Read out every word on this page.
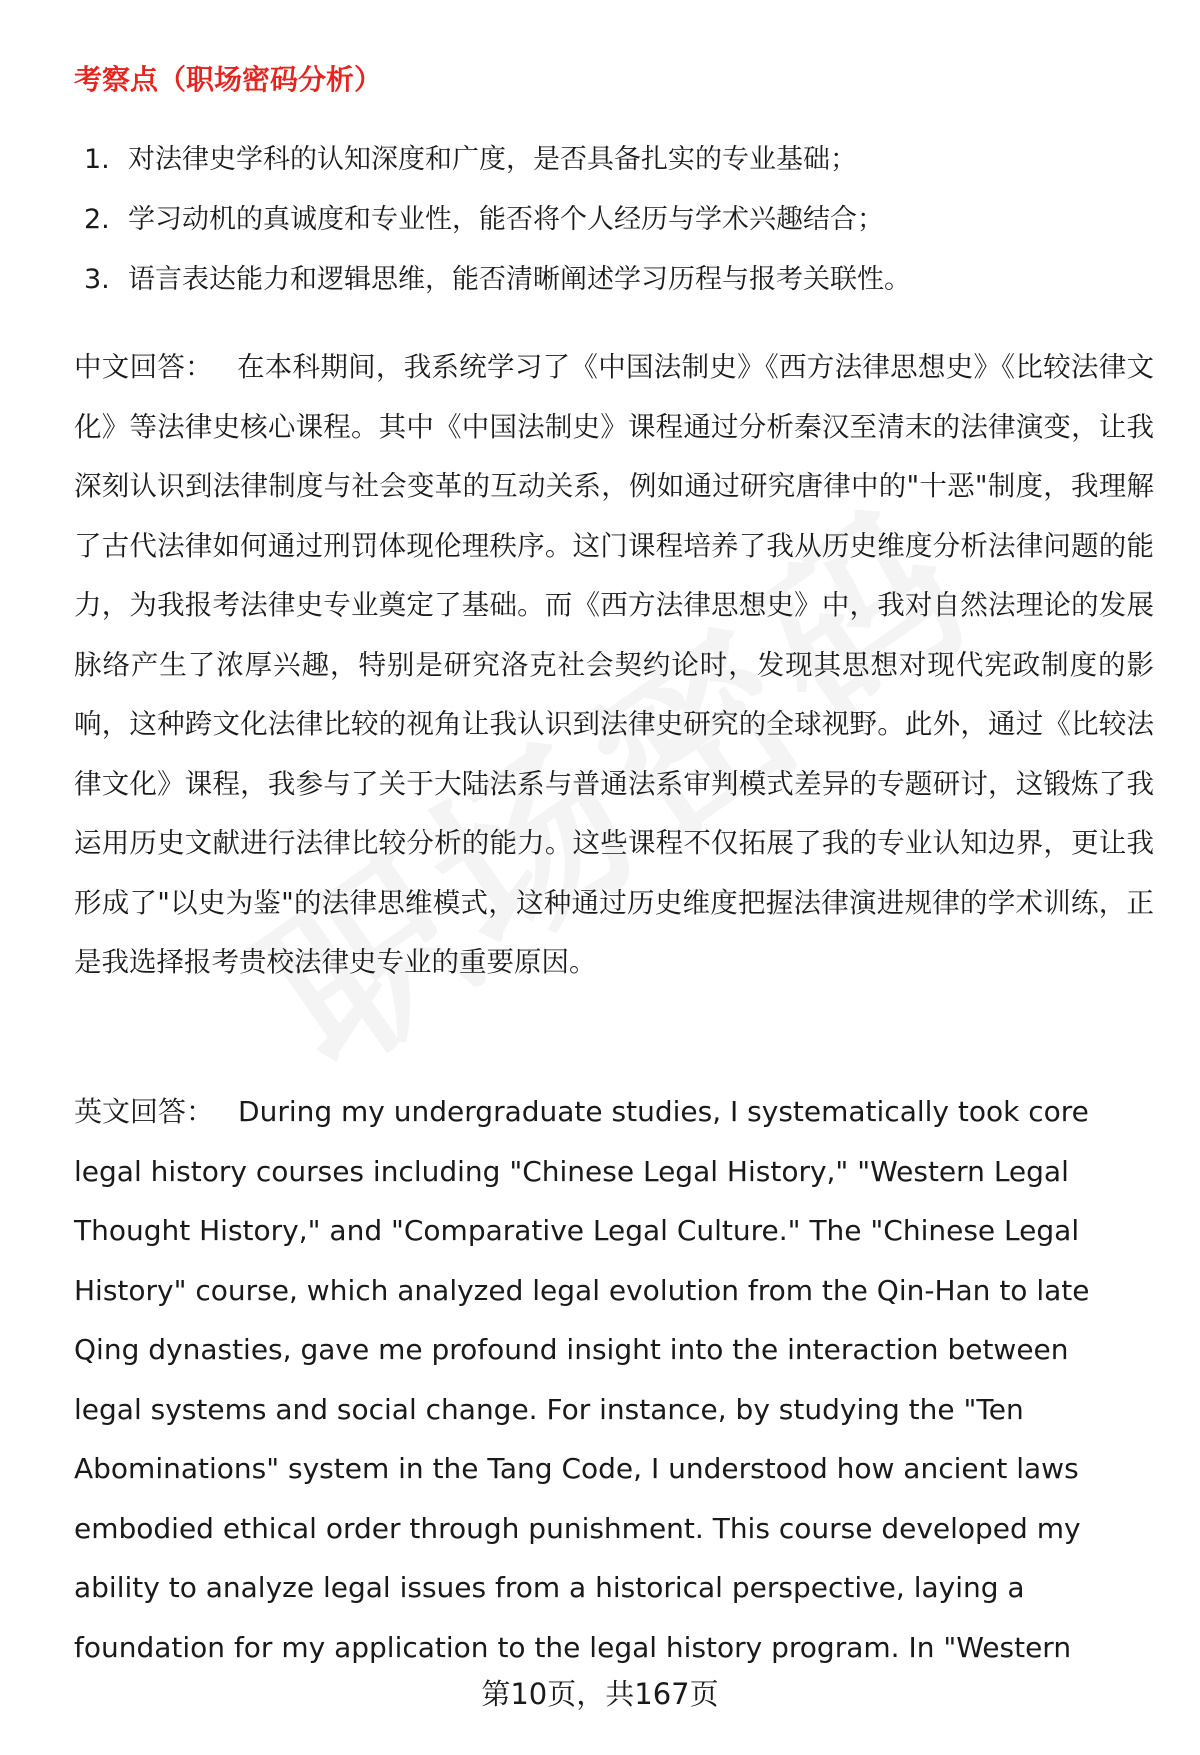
考察点（职场密码分析）
1. 对法律史学科的认知深度和广度，是否具备扎实的专业基础；
2. 学习动机的真诚度和专业性，能否将个人经历与学术兴趣结合；
3. 语言表达能力和逻辑思维，能否清晰阐述学习历程与报考关联性。

中文回答： 在本科期间，我系统学习了《中国法制史》《西方法律思想史》《比较法律文化》等法律史核心课程。其中《中国法制史》课程通过分析秦汉至清末的法律演变，让我深刻认识到法律制度与社会变革的互动关系，例如通过研究唐律中的"十恶"制度，我理解了古代法律如何通过刑罚体现伦理秩序。这门课程培养了我从历史维度分析法律问题的能力，为我报考法律史专业奠定了基础。而《西方法律思想史》中，我对自然法理论的发展脉络产生了浓厚兴趣，特别是研究洛克社会契约论时，发现其思想对现代宪政制度的影响，这种跨文化法律比较的视角让我认识到法律史研究的全球视野。此外，通过《比较法律文化》课程，我参与了关于大陆法系与普通法系审判模式差异的专题研讨，这锻炼了我运用历史文献进行法律比较分析的能力。这些课程不仅拓展了我的专业认知边界，更让我形成了"以史为鉴"的法律思维模式，这种通过历史维度把握法律演进规律的学术训练，正是我选择报考贵校法律史专业的重要原因。

英文回答： During my undergraduate studies, I systematically took core legal history courses including "Chinese Legal History," "Western Legal Thought History," and "Comparative Legal Culture." The "Chinese Legal History" course, which analyzed legal evolution from the Qin-Han to late Qing dynasties, gave me profound insight into the interaction between legal systems and social change. For instance, by studying the "Ten Abominations" system in the Tang Code, I understood how ancient laws embodied ethical order through punishment. This course developed my ability to analyze legal issues from a historical perspective, laying a foundation for my application to the legal history program. In "Western

第10页，共167页
